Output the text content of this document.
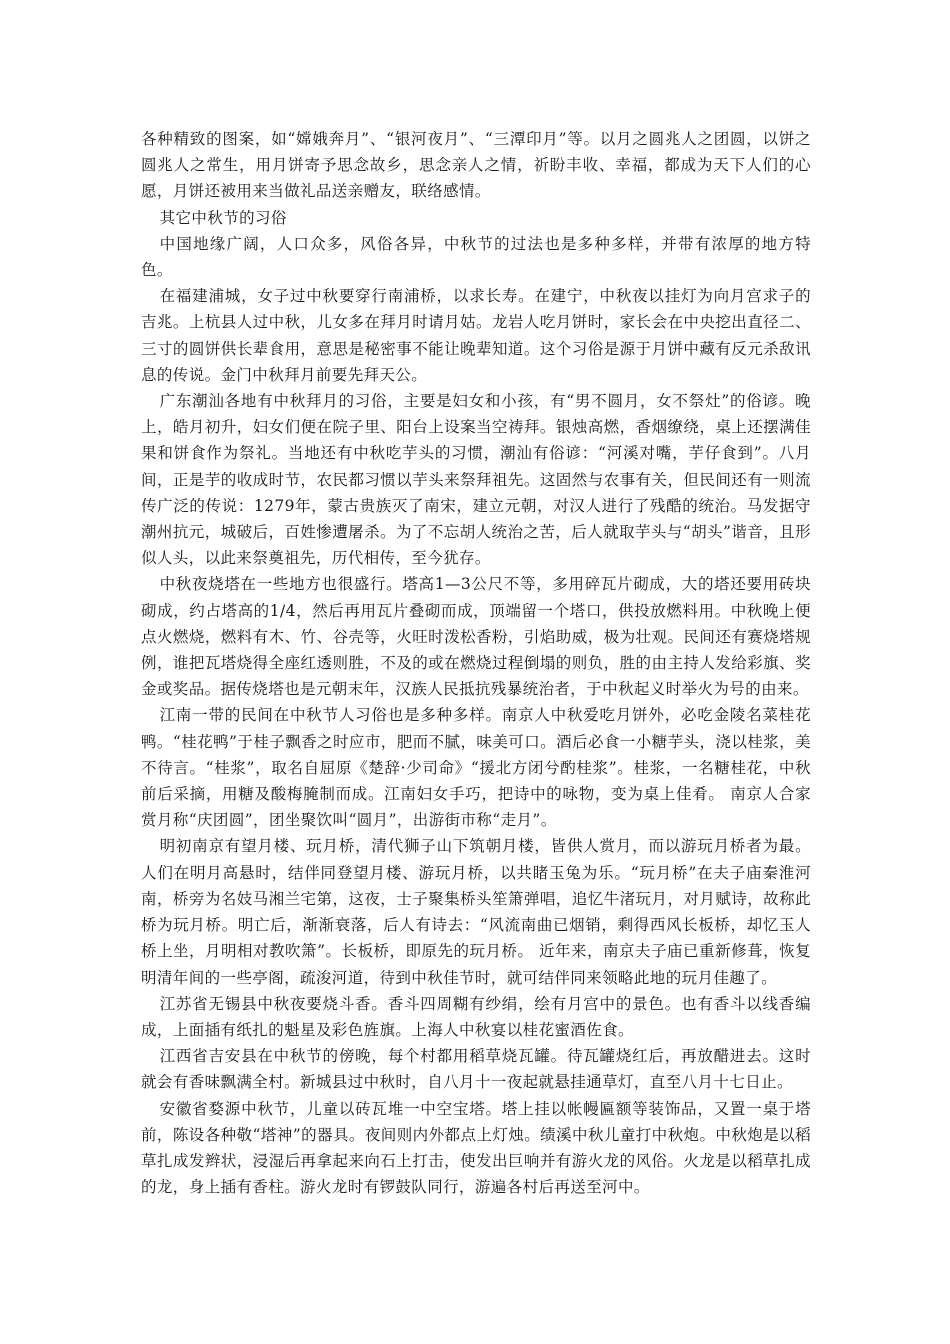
各种精致的图案，如“嫦娥奔月”、“银河夜月”、“三潭印月”等。以月之圆兆人之团圆，以饼之圆兆人之常生，用月饼寄予思念故乡，思念亲人之情，祈盼丰收、幸福，都成为天下人们的心愿，月饼还被用来当做礼品送亲赠友，联络感情。

其它中秋节的习俗

中国地缘广阔，人口众多，风俗各异，中秋节的过法也是多种多样，并带有浓厚的地方特色。

在福建浦城，女子过中秋要穿行南浦桥，以求长寿。在建宁，中秋夜以挂灯为向月宫求子的吉兆。上杭县人过中秋，儿女多在拜月时请月姑。龙岩人吃月饼时，家长会在中央挖出直径二、三寸的圆饼供长辈食用，意思是秘密事不能让晚辈知道。这个习俗是源于月饼中藏有反元杀敌讯息的传说。金门中秋拜月前要先拜天公。

广东潮汕各地有中秋拜月的习俗，主要是妇女和小孩，有“男不圆月，女不祭灶”的俗谚。晚上，皓月初升，妇女们便在院子里、阳台上设案当空祷拜。银烛高燃，香烟缭绕，桌上还摆满佳果和饼食作为祭礼。当地还有中秋吃芋头的习惯，潮汕有俗谚：“河溪对嘴，芋仔食到”。八月间，正是芋的收成时节，农民都习惯以芋头来祭拜祖先。这固然与农事有关，但民间还有一则流传广泛的传说：1279年，蒙古贵族灭了南宋，建立元朝，对汉人进行了残酷的统治。马发据守潮州抗元，城破后，百姓惨遭屠杀。为了不忘胡人统治之苦，后人就取芋头与“胡头”谐音，且形似人头，以此来祭奠祖先，历代相传，至今犹存。

中秋夜烧塔在一些地方也很盛行。塔高1—3公尺不等，多用碎瓦片砌成，大的塔还要用砖块砌成，约占塔高的1/4，然后再用瓦片叠砌而成，顶端留一个塔口，供投放燃料用。中秋晚上便点火燃烧，燃料有木、竹、谷壳等，火旺时泼松香粉，引焰助威，极为壮观。民间还有赛烧塔规例，谁把瓦塔烧得全座红透则胜，不及的或在燃烧过程倒塌的则负，胜的由主持人发给彩旗、奖金或奖品。据传烧塔也是元朝末年，汉族人民抵抗残暴统治者，于中秋起义时举火为号的由来。

江南一带的民间在中秋节人习俗也是多种多样。南京人中秋爱吃月饼外，必吃金陵名菜桂花鸭。“桂花鸭”于桂子飘香之时应市，肥而不腻，味美可口。酒后必食一小糖芋头，浇以桂浆，美不待言。“桂浆”，取名自屈原《楚辞·少司命》“援北方闭兮酌桂浆”。桂浆，一名糖桂花，中秋前后采摘，用糖及酸梅腌制而成。江南妇女手巧，把诗中的咏物，变为桌上佳肴。 南京人合家赏月称“庆团圆”，团坐聚饮叫“圆月”，出游街市称“走月”。

明初南京有望月楼、玩月桥，清代狮子山下筑朝月楼，皆供人赏月，而以游玩月桥者为最。人们在明月高悬时，结伴同登望月楼、游玩月桥，以共睹玉兔为乐。“玩月桥”在夫子庙秦淮河南，桥旁为名妓马湘兰宅第，这夜，士子聚集桥头笙箫弹唱，追忆牛渚玩月，对月赋诗，故称此桥为玩月桥。明亡后，渐渐衰落，后人有诗去：“风流南曲已烟销，剩得西风长板桥，却忆玉人桥上坐，月明相对教吹箫”。长板桥，即原先的玩月桥。 近年来，南京夫子庙已重新修葺，恢复明清年间的一些亭阁，疏浚河道，待到中秋佳节时，就可结伴同来领略此地的玩月佳趣了。

江苏省无锡县中秋夜要烧斗香。香斗四周糊有纱绢，绘有月宫中的景色。也有香斗以线香编成，上面插有纸扎的魁星及彩色旌旗。上海人中秋宴以桂花蜜酒佐食。

江西省吉安县在中秋节的傍晚，每个村都用稻草烧瓦罐。待瓦罐烧红后，再放醋进去。这时就会有香味飘满全村。新城县过中秋时，自八月十一夜起就悬挂通草灯，直至八月十七日止。

安徽省婺源中秋节，儿童以砖瓦堆一中空宝塔。塔上挂以帐幔匾额等装饰品，又置一桌于塔前，陈设各种敬“塔神”的器具。夜间则内外都点上灯烛。绩溪中秋儿童打中秋炮。中秋炮是以稻草扎成发辫状，浸湿后再拿起来向石上打击，使发出巨响并有游火龙的风俗。火龙是以稻草扎成的龙，身上插有香柱。游火龙时有锣鼓队同行，游遍各村后再送至河中。
